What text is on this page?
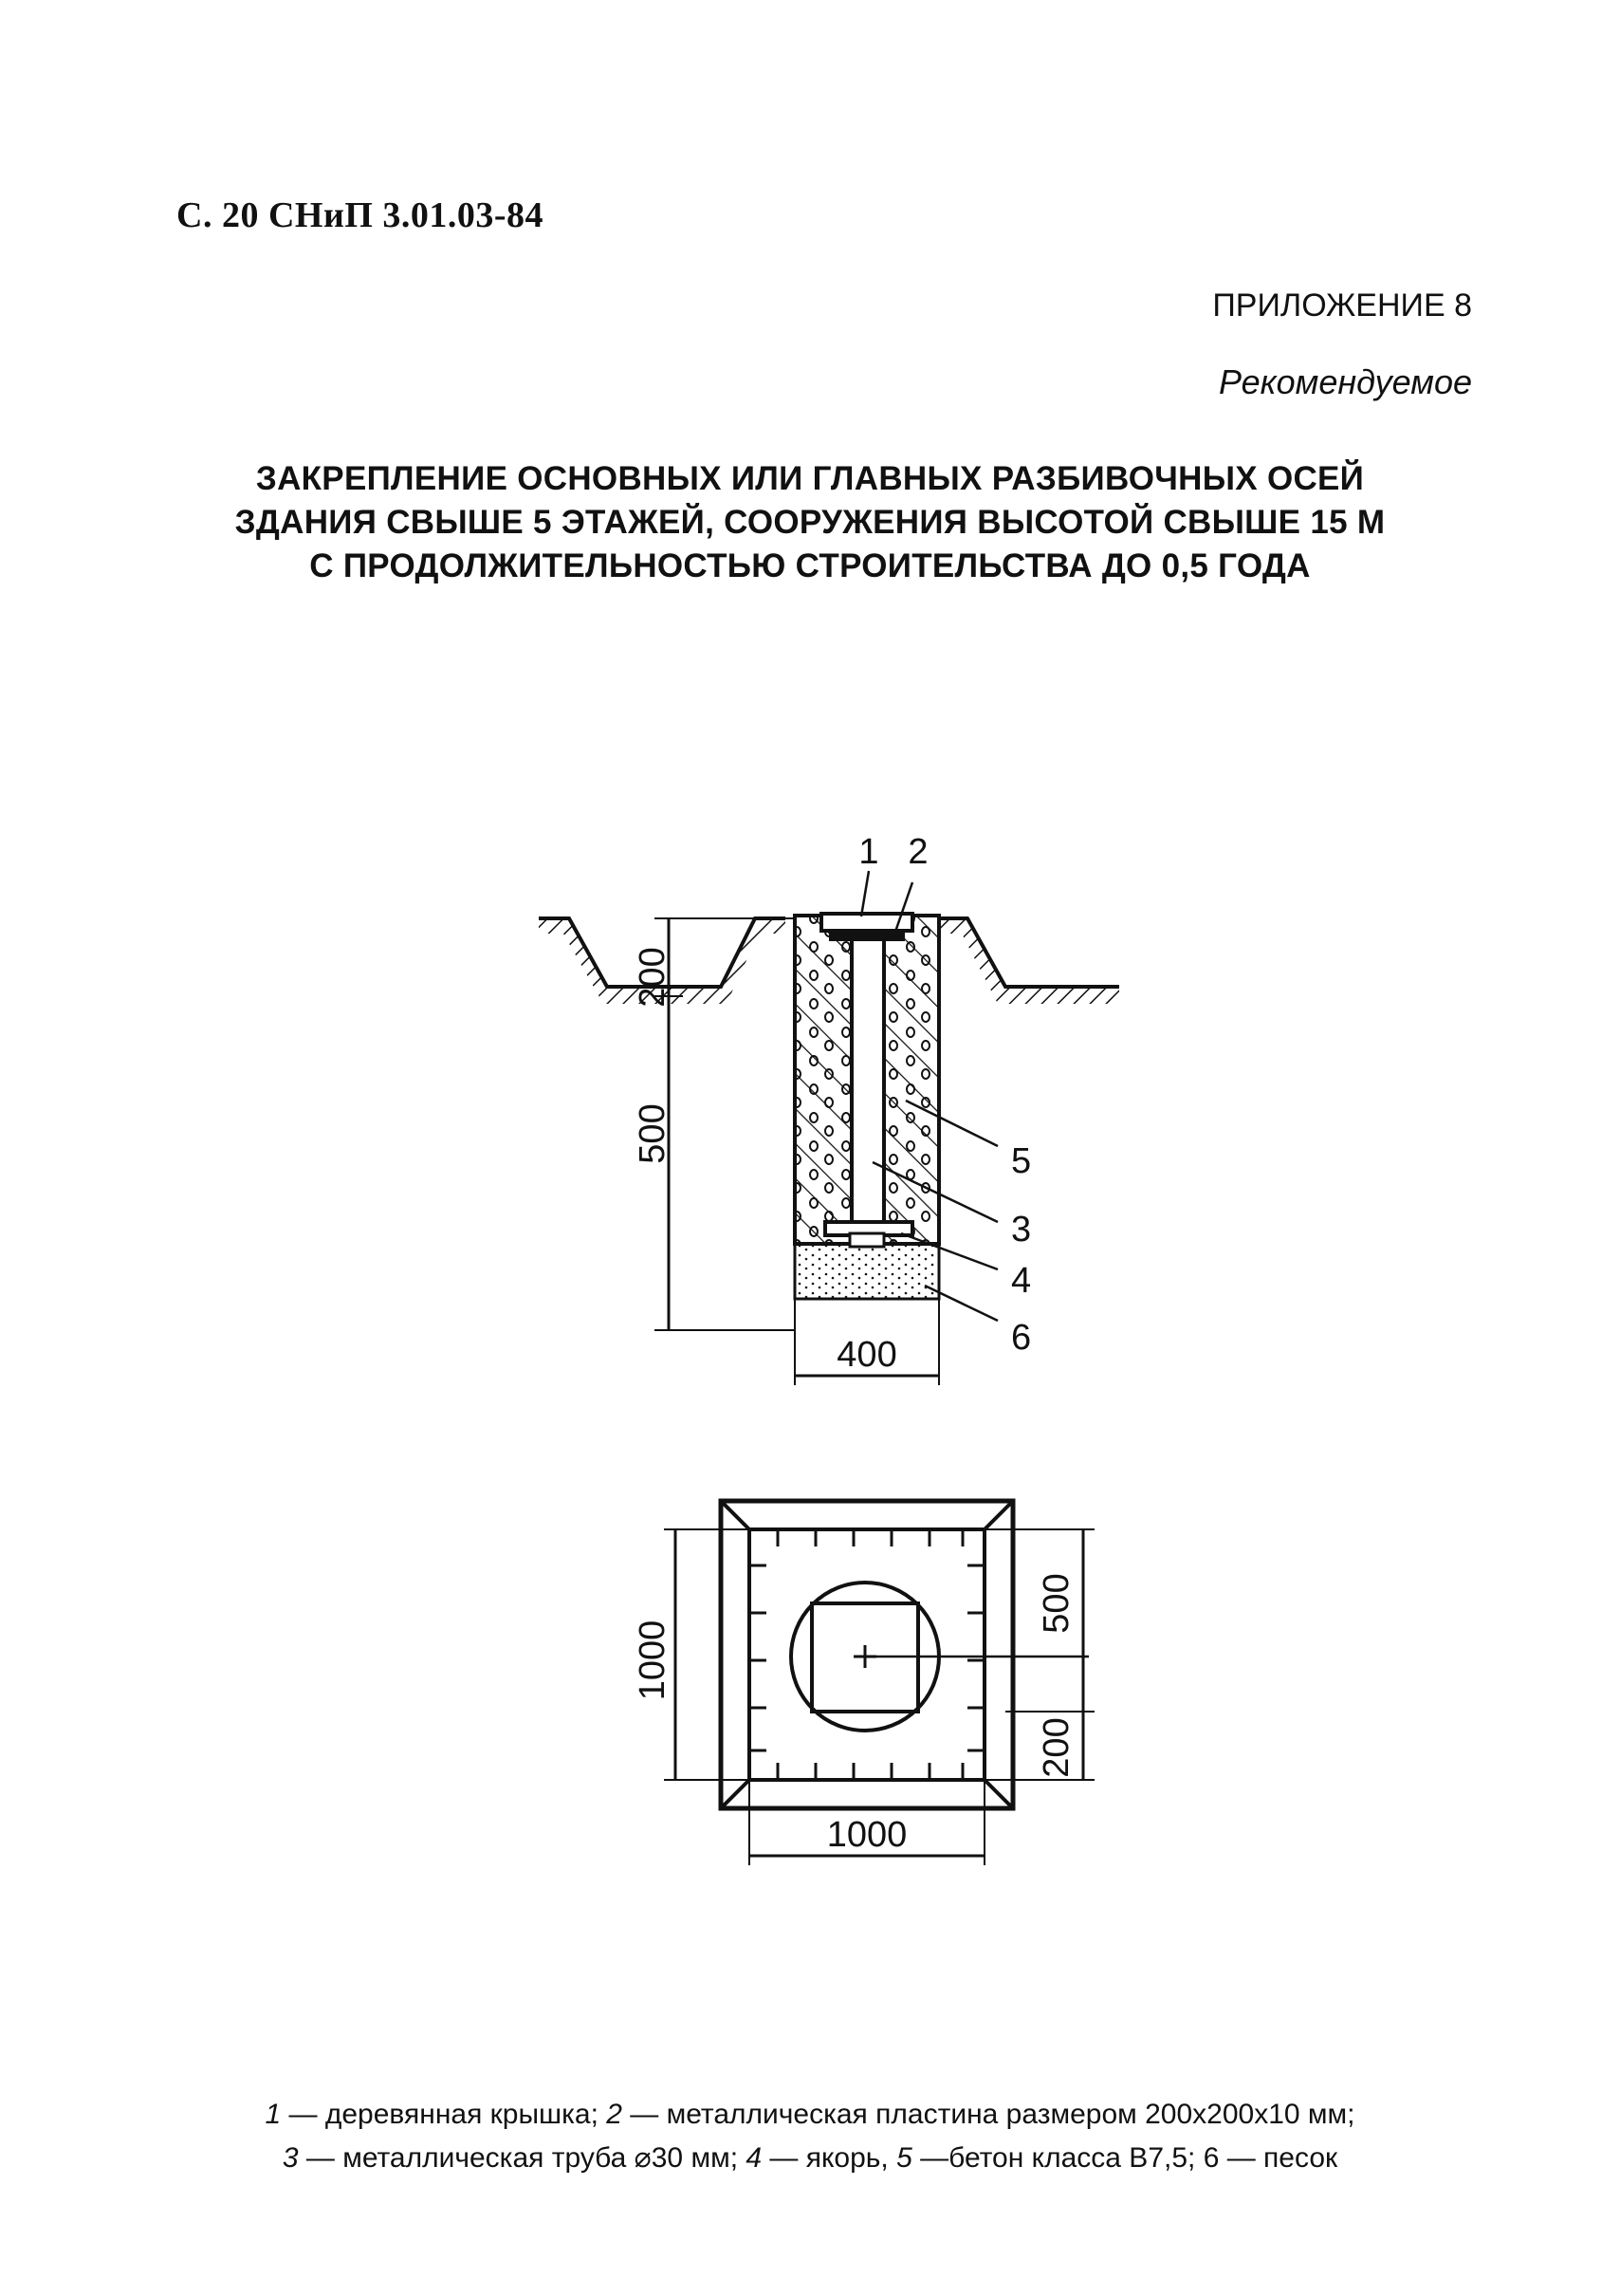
С. 20 СНиП 3.01.03-84
ПРИЛОЖЕНИЕ 8
Рекомендуемое
ЗАКРЕПЛЕНИЕ ОСНОВНЫХ ИЛИ ГЛАВНЫХ РАЗБИВОЧНЫХ ОСЕЙ
ЗДАНИЯ СВЫШЕ 5 ЭТАЖЕЙ, СООРУЖЕНИЯ ВЫСОТОЙ СВЫШЕ 15 М
С ПРОДОЛЖИТЕЛЬНОСТЬЮ СТРОИТЕЛЬСТВА ДО 0,5 ГОДА
200
500
400
1 2
3
4
5
6
1000
1000
500
200
1 — деревянная крышка; 2 — металлическая пластина размером 200х200х10 мм;
3 — металлическая труба ⌀30 мм; 4 — якорь, 5 —бетон класса В7,5; 6 — песок
